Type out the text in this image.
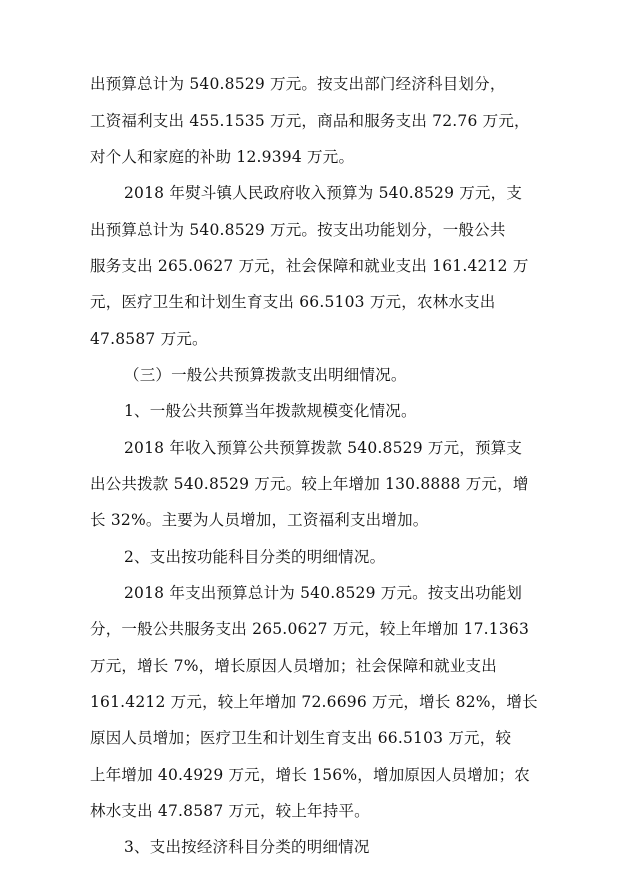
出预算总计为 540.8529 万元。按支出部门经济科目划分，
工资福利支出 455.1535 万元，商品和服务支出 72.76 万元，
对个人和家庭的补助 12.9394 万元。
2018 年熨斗镇人民政府收入预算为 540.8529 万元，支
出预算总计为 540.8529 万元。按支出功能划分，一般公共
服务支出 265.0627 万元，社会保障和就业支出 161.4212 万
元，医疗卫生和计划生育支出 66.5103 万元，农林水支出
47.8587 万元。
（三）一般公共预算拨款支出明细情况。
1、一般公共预算当年拨款规模变化情况。
2018 年收入预算公共预算拨款 540.8529 万元，预算支
出公共拨款 540.8529 万元。较上年增加 130.8888 万元，增
长 32%。主要为人员增加，工资福利支出增加。
2、支出按功能科目分类的明细情况。
2018 年支出预算总计为 540.8529 万元。按支出功能划
分，一般公共服务支出 265.0627 万元，较上年增加 17.1363
万元，增长 7%，增长原因人员增加；社会保障和就业支出
161.4212 万元，较上年增加 72.6696 万元，增长 82%，增长
原因人员增加；医疗卫生和计划生育支出 66.5103 万元，较
上年增加 40.4929 万元，增长 156%，增加原因人员增加；农
林水支出 47.8587 万元，较上年持平。
3、支出按经济科目分类的明细情况
